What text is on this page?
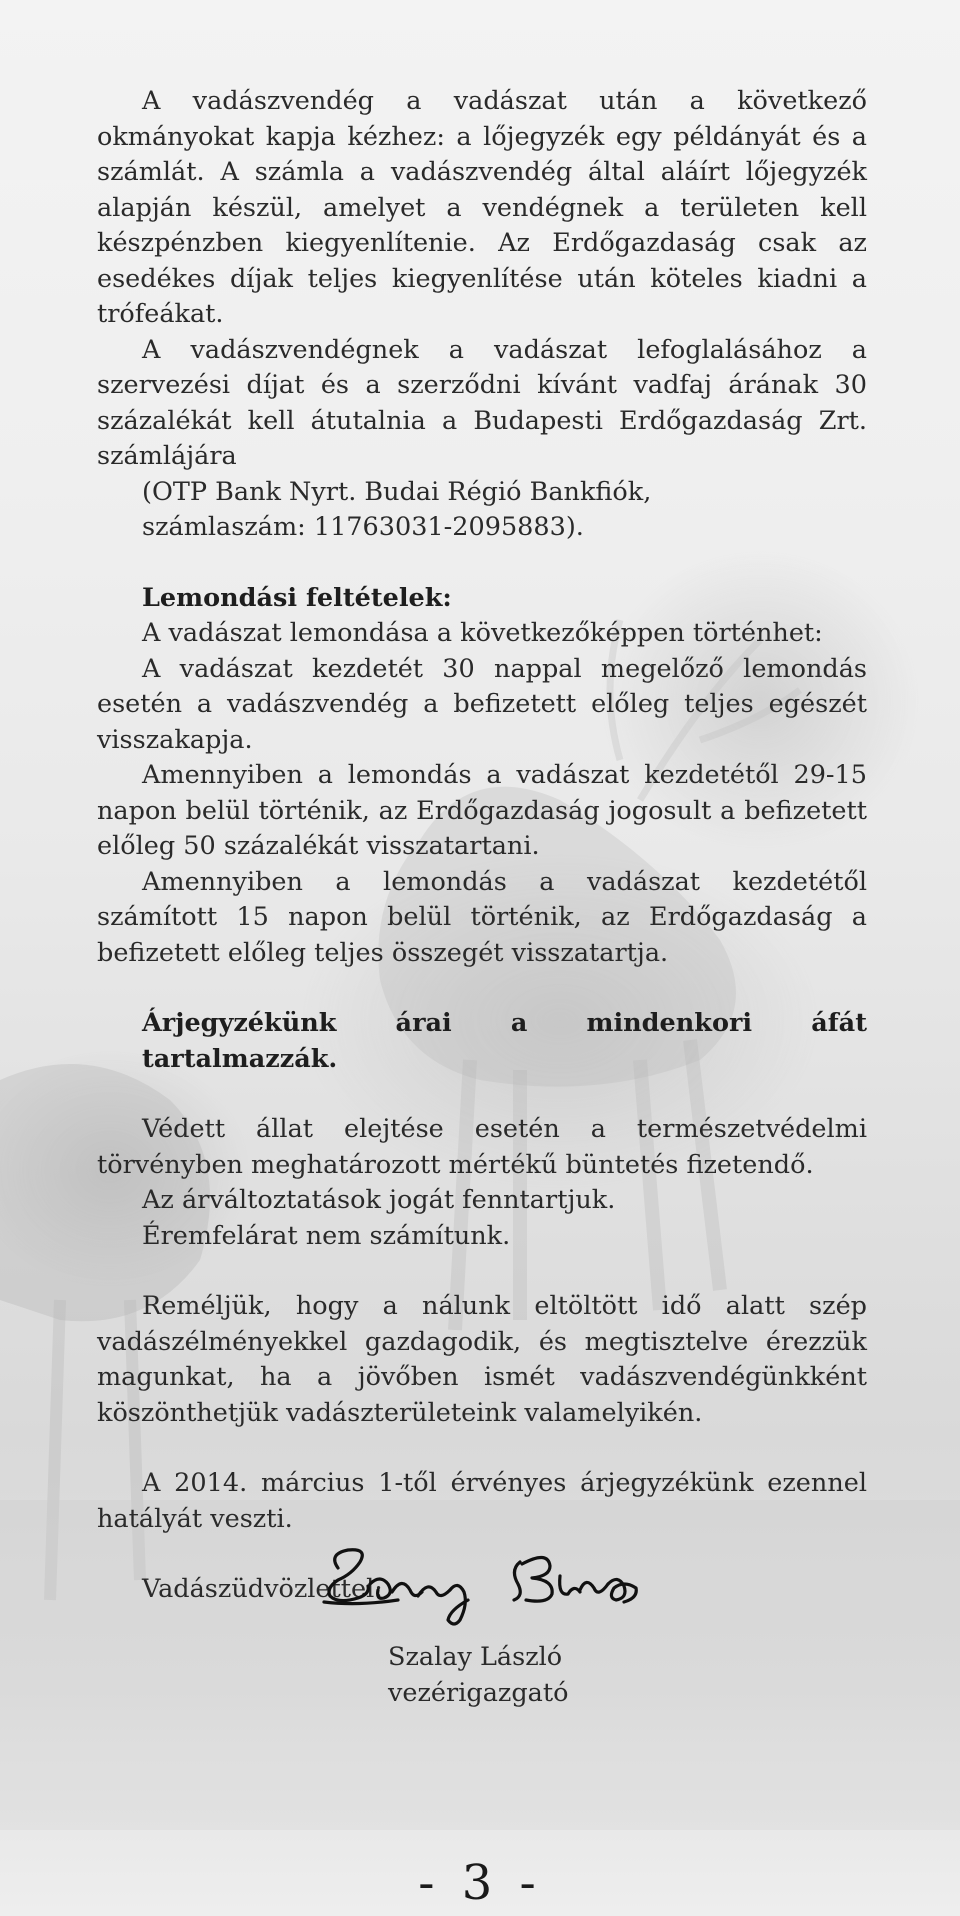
A vadászvendég a vadászat után a következő okmányokat kapja kézhez: a lőjegyzék egy példányát és a számlát. A számla a vadászvendég által aláírt lőjegyzék alapján készül, amelyet a vendégnek a területen kell készpénzben kiegyenlítenie. Az Erdőgazdaság csak az esedékes díjak teljes kiegyenlítése után köteles kiadni a trófeákat.

A vadászvendégnek a vadászat lefoglalásához a szervezési díjat és a szerződni kívánt vadfaj árának 30 százalékát kell átutalnia a Budapesti Erdőgazdaság Zrt. számlájára

(OTP Bank Nyrt. Budai Régió Bankfiók,

számlaszám: 11763031-2095883).

Lemondási feltételek:

A vadászat lemondása a következőképpen történhet:

A vadászat kezdetét 30 nappal megelőző lemondás esetén a vadászvendég a befizetett előleg teljes egészét visszakapja.

Amennyiben a lemondás a vadászat kezdetétől 29-15 napon belül történik, az Erdőgazdaság jogosult a befizetett előleg 50 százalékát visszatartani.

Amennyiben a lemondás a vadászat kezdetétől számított 15 napon belül történik, az Erdőgazdaság a befizetett előleg teljes összegét visszatartja.

Árjegyzékünk árai a mindenkori áfát tartalmazzák.

Védett állat elejtése esetén a természetvédelmi törvényben meghatározott mértékű büntetés fizetendő.

Az árváltoztatások jogát fenntartjuk.

Éremfelárat nem számítunk.

Reméljük, hogy a nálunk eltöltött idő alatt szép vadászélményekkel gazdagodik, és megtisztelve érezzük magunkat, ha a jövőben ismét vadászvendégünkként köszönthetjük vadászterületeink valamelyikén.

A 2014. március 1-től érvényes árjegyzékünk ezennel hatályát veszti.

Vadászüdvözlettel:

Szalay László
vezérigazgató
- 3 -
